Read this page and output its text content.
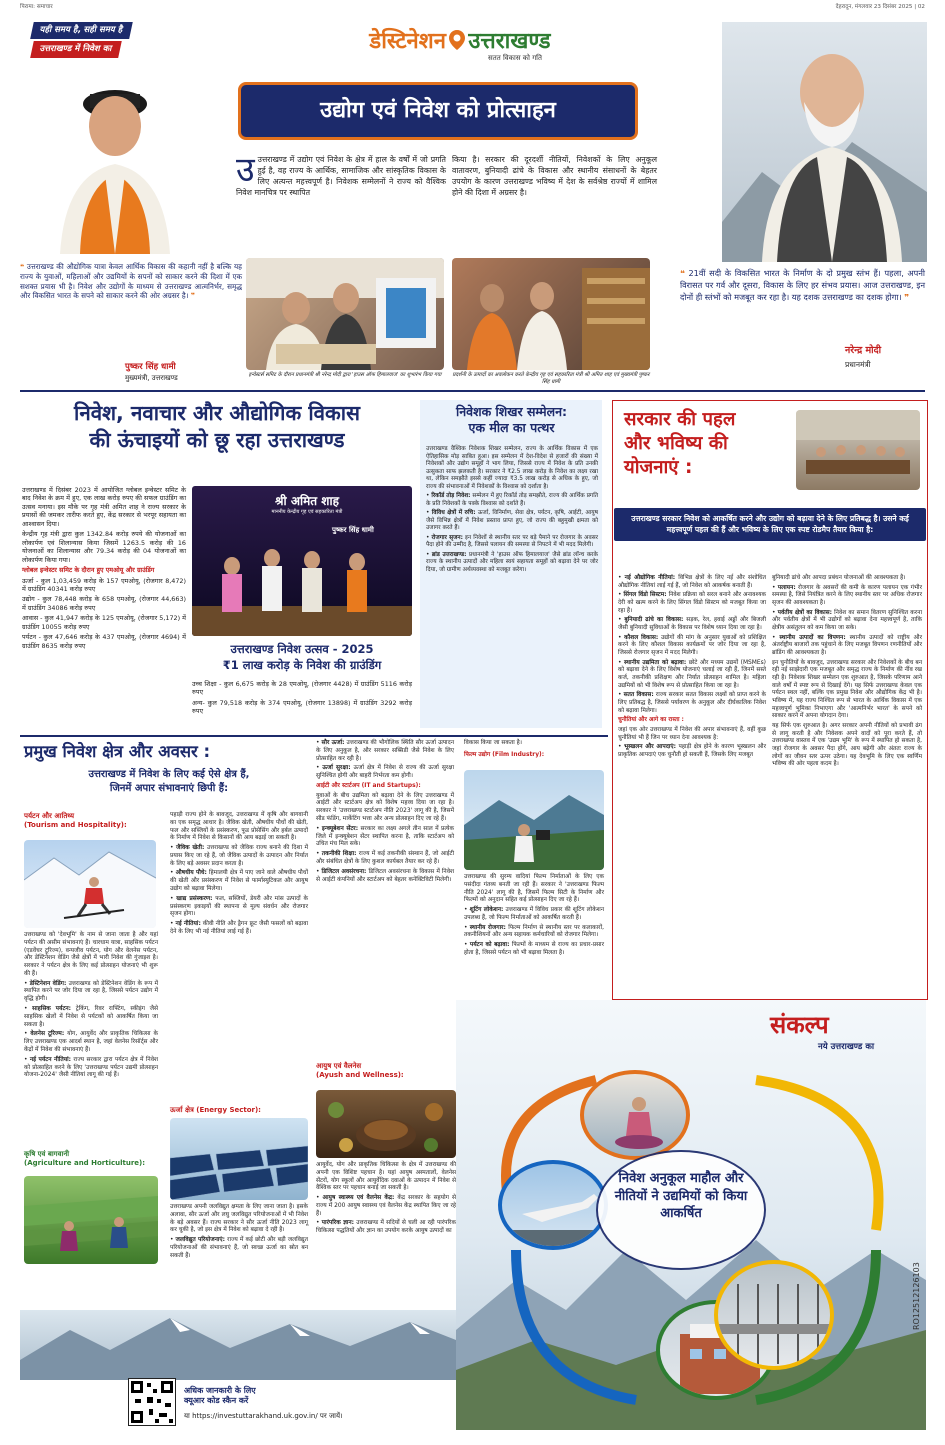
पिरामा: समाचार	देहरादून, मंगलवार 23 दिसंबर 2025 | 02
यही समय है, सही समय है
उत्तराखण्ड में निवेश का	डेस्टिनेशन उत्तराखण्ड
सतत विकास को गति
उद्योग एवं निवेश को प्रोत्साहन
उउत्तराखण्ड में उद्योग एवं निवेश के क्षेत्र में हाल के वर्षों में जो प्रगति हुई है, वह राज्य के आर्थिक, सामाजिक और सांस्कृतिक विकास के लिए अत्यन्त महत्त्वपूर्ण है। निवेशक सम्मेलनों ने राज्य को वैश्विक निवेश मानचित्र पर स्थापित
किया है। सरकार की दूरदर्शी नीतियों, निवेशकों के लिए अनुकूल वातावरण, बुनियादी ढांचे के विकास और स्थानीय संसाधनों के बेहतर उपयोग के कारण उत्तराखण्ड भविष्य में देश के सर्वश्रेष्ठ राज्यों में शामिल होने की दिशा में अग्रसर है।
❝ उत्तराखण्ड की औद्योगिक यात्रा केवल आर्थिक विकास की कहानी नहीं है बल्कि यह राज्य के युवाओं, महिलाओं और उद्यमियों के सपनों को साकार करने की दिशा में एक सशक्त प्रयास भी है। निवेश और उद्योगों के माध्यम से उत्तराखण्ड आत्मनिर्भर, समृद्ध और विकसित भारत के सपने को साकार करने की ओर अग्रसर है। ❞
पुष्कर सिंह धामी
मुख्यमंत्री, उत्तराखण्ड	इन्वेस्टर्स समिट के दौरान प्रधानमंत्री श्री नरेन्द्र मोदी द्वारा 'हाउस ऑफ हिमालयाज' का शुभारंभ किया गया	प्रदर्शनी के उत्पादों का अवलोकन करते केन्द्रीय गृह एवं सहकारिता मंत्री श्री अमित शाह एवं मुख्यमंत्री पुष्कर सिंह धामी
❝ 21वीं सदी के विकसित भारत के निर्माण के दो प्रमुख स्तंभ हैं। पहला, अपनी विरासत पर गर्व और दूसरा, विकास के लिए हर संभव प्रयास। आज उत्तराखण्ड, इन दोनों ही स्तंभों को मजबूत कर रहा है। यह दशक उत्तराखण्ड का दशक होगा। ❞
नरेन्द्र मोदी
प्रधानमंत्री
निवेश, नवाचार और औद्योगिक विकास
की ऊंचाइयों को छू रहा उत्तराखण्ड

उत्तराखण्ड में दिसंबर 2023 में आयोजित ग्लोबल इन्वेस्टर समिट के बाद निवेश के क्रम में हुए, एक लाख करोड़ रुपए की सफल ग्राउंडिंग का उत्सव मनाया। इस मौके पर गृह मंत्री अमित शाह ने राज्य सरकार के प्रयासों की जमकर तारीफ करते हुए, केंद्र सरकार से भरपूर सहायता का आश्वासन दिया।

केन्द्रीय गृह मंत्री द्वारा कुल 1342.84 करोड़ रुपये की योजनाओं का लोकार्पण एवं शिलान्यास किया जिसमें 1263.5 करोड़ की 16 योजनाओं का शिलान्यास और 79.34 करोड़ की 04 योजनाओं का लोकार्पण किया गया।

ग्लोबल इन्वेस्टर समिट के दौरान हुए एमओयू और ग्राउंडिंग

ऊर्जा - कुल 1,03,459 करोड़ के 157 एमओयू, (रोजगार 8,472) में ग्राउंडिंग 40341 करोड़ रुपए

उद्योग - कुल 78,448 करोड़ के 658 एमओयू, (रोजगार 44,663) में ग्राउंडिंग 34086 करोड़ रुपए

आवास - कुल 41,947 करोड़ के 125 एमओयू, (रोजगार 5,172) में ग्राउंडिंग 10055 करोड़ रुपए

पर्यटन - कुल 47,646 करोड़ के 437 एमओयू, (रोजगार 4694) में ग्राउंडिंग 8635 करोड़ रुपए

श्री अमित शाह
माननीय केन्द्रीय गृह एवं सहकारिता मंत्री
पुष्कर सिंह धामी
उत्तराखण्ड निवेश उत्सव - 2025
₹1 लाख करोड़ के निवेश की ग्राउंडिंग

उच्च शिक्षा - कुल 6,675 करोड़ के 28 एमओयू, (रोजगार 4428) में ग्राउंडिंग 5116 करोड़ रुपए

अन्य- कुल 79,518 करोड़ के 374 एमओयू, (रोजगार 13898) में ग्राउंडिंग 3292 करोड़ रुपए

निवेशक शिखर सम्मेलन:
एक मील का पत्थर

उत्तराखण्ड वैश्विक निवेशक शिखर सम्मेलन, राज्य के आर्थिक विकास में एक ऐतिहासिक मोड़ साबित हुआ। इस सम्मेलन में देश-विदेश से हजारों की संख्या में निवेशकों और उद्योग समूहों ने भाग लिया, जिससे राज्य में निवेश के प्रति उनकी उत्सुकता साफ झलकती है। सरकार ने ₹2.5 लाख करोड़ के निवेश का लक्ष्य रखा था, लेकिन समझौते इससे कहीं ज्यादा ₹3.5 लाख करोड़ से अधिक के हुए, जो राज्य की संभावनाओं में निवेशकों के विश्वास को दर्शाता है।

• रिकॉर्ड तोड़ निवेश: सम्मेलन में हुए रिकॉर्ड तोड़ समझौते, राज्य की आर्थिक प्रगति के प्रति निवेशकों के पक्के विश्वास को दर्शाते हैं।

• विविध क्षेत्रों में रुचि: ऊर्जा, विनिर्माण, सेवा क्षेत्र, पर्यटन, कृषि, आईटी, आयुष जैसे विभिन्न क्षेत्रों में निवेश प्रस्ताव प्राप्त हुए, जो राज्य की बहुमुखी क्षमता को उजागर करते हैं।

• रोजगार सृजन: इन निवेशों से स्थानीय स्तर पर बड़े पैमाने पर रोजगार के अवसर पैदा होने की उम्मीद है, जिससे पलायन की समस्या से निपटने में भी मदद मिलेगी।

• ब्रांड उत्तराखण्ड: प्रधानमंत्री ने 'हाउस ऑफ हिमालयाज' जैसे ब्रांड लॉन्च करके राज्य के स्थानीय उत्पादों और महिला स्वयं सहायता समूहों को बढ़ावा देने पर जोर दिया, जो ग्रामीण अर्थव्यवस्था को मजबूत करेगा।

सरकार की पहल
और भविष्य की
योजनाएं :
उत्तराखण्ड सरकार निवेश को आकर्षित करने और उद्योग को बढ़ावा देने के लिए प्रतिबद्ध है। उसने कई महत्त्वपूर्ण पहल की हैं और भविष्य के लिए एक स्पष्ट रोडमैप तैयार किया है:

• नई औद्योगिक नीतियां: विभिन्न क्षेत्रों के लिए नई और संशोधित औद्योगिक नीतियां लाई गई हैं, जो निवेश को आकर्षक बनाती हैं।

• सिंगल विंडो सिस्टम: निवेश प्रक्रिया को सरल बनाने और अनावश्यक देरी को खत्म करने के लिए सिंगल विंडो सिस्टम को मजबूत किया जा रहा है।

• बुनियादी ढांचे का विकास: सड़क, रेल, हवाई अड्डों और बिजली जैसी बुनियादी सुविधाओं के विकास पर विशेष ध्यान दिया जा रहा है।

• कौशल विकास: उद्योगों की मांग के अनुसार युवाओं को प्रशिक्षित करने के लिए कौशल विकास कार्यक्रमों पर जोर दिया जा रहा है, जिससे रोजगार सृजन में मदद मिलेगी।

• स्थानीय उद्यमिता को बढ़ावा: छोटे और मध्यम उद्यमों (MSMEs) को बढ़ावा देने के लिए विशेष योजनाएं चलाई जा रही हैं, जिनमें सस्ते कर्ज, तकनीकी प्रशिक्षण और निर्यात प्रोत्साहन शामिल है। महिला उद्यमियों को भी विशेष रूप से प्रोत्साहित किया जा रहा है।

• सतत विकास: राज्य सरकार सतत विकास लक्ष्यों को प्राप्त करने के लिए प्रतिबद्ध है, जिससे पर्यावरण के अनुकूल और दीर्घकालिक निवेश को बढ़ावा मिलेगा।

चुनौतियां और आगे का रास्ता :

जहां एक ओर उत्तराखण्ड में निवेश की अपार संभावनाएं हैं, वहीं कुछ चुनौतियां भी हैं जिन पर ध्यान देना आवश्यक है:

• भूस्खलन और आपदाएं: पहाड़ी क्षेत्र होने के कारण भूस्खलन और प्राकृतिक आपदाएं एक चुनौती हो सकती हैं, जिसके लिए मजबूत

बुनियादी ढांचे और आपदा प्रबंधन योजनाओं की आवश्यकता है।

• पलायन: रोजगार के अवसरों की कमी के कारण पलायन एक गंभीर समस्या है, जिसे नियंत्रित करने के लिए स्थानीय स्तर पर अधिक रोजगार सृजन की आवश्यकता है।

• पर्वतीय क्षेत्रों का विकास: निवेश का समान वितरण सुनिश्चित करना और पर्वतीय क्षेत्रों में भी उद्योगों को बढ़ावा देना महत्त्वपूर्ण है, ताकि क्षेत्रीय असंतुलन को कम किया जा सके।

• स्थानीय उत्पादों का विपणन: स्थानीय उत्पादों को राष्ट्रीय और अंतर्राष्ट्रीय बाजारों तक पहुंचाने के लिए मजबूत विपणन रणनीतियों और ब्रांडिंग की आवश्यकता है।

इन चुनौतियों के बावजूद, उत्तराखण्ड सरकार और निवेशकों के बीच बन रही नई साझेदारी एक मजबूत और समृद्ध राज्य के निर्माण की नींव रख रही है। निवेशक शिखर सम्मेलन एक शुरुआत है, जिसके परिणाम आने वाले वर्षों में स्पष्ट रूप से दिखाई देंगे। यह सिर्फ उत्तराखण्ड केवल एक पर्यटन स्थल नहीं, बल्कि एक प्रमुख निवेश और औद्योगिक केंद्र भी है। भविष्य में, यह राज्य निश्चित रूप से भारत के आर्थिक विकास में एक महत्त्वपूर्ण भूमिका निभाएगा और 'आत्मनिर्भर भारत' के सपने को साकार करने में अपना योगदान देगा।

यह सिर्फ एक शुरुआत है। अगर सरकार अपनी नीतियों को प्रभावी ढंग से लागू करती है और निवेशक अपने वादों को पूरा करते हैं, तो उत्तराखण्ड वास्तव में एक 'उद्यम भूमि' के रूप में स्थापित हो सकता है, जहां रोजगार के अवसर पैदा होंगे, आय बढ़ेगी और अंततः राज्य के लोगों का जीवन स्तर ऊपर उठेगा। यह देवभूमि के लिए एक स्वर्णिम भविष्य की ओर पहला कदम है।

प्रमुख निवेश क्षेत्र और अवसर :
उत्तराखण्ड में निवेश के लिए कई ऐसे क्षेत्र हैं,
जिनमें अपार संभावनाएं छिपी हैं:
पर्यटन और आतिथ्य
(Tourism and Hospitality):

उत्तराखण्ड को 'देवभूमि' के नाम से जाना जाता है और यहां पर्यटन की असीम संभावनाएं हैं। चारधाम यात्रा, साहसिक पर्यटन (एडवेंचर टूरिज्म), वन्यजीव पर्यटन, योग और वेलनेस पर्यटन, और डेस्टिनेशन वेडिंग जैसे क्षेत्रों में भारी निवेश की गुंजाइश है। सरकार ने पर्यटन क्षेत्र के लिए कई प्रोत्साहन योजनाएं भी शुरू की हैं।

• डेस्टिनेशन वेडिंग: उत्तराखण्ड को डेस्टिनेशन वेडिंग के रूप में स्थापित करने पर जोर दिया जा रहा है, जिससे पर्यटन उद्योग में वृद्धि होगी।

• साहसिक पर्यटन: ट्रेकिंग, रिवर राफ्टिंग, स्कीइंग जैसे साहसिक खेलों में निवेश से पर्यटकों को आकर्षित किया जा सकता है।

• वेलनेस टूरिज्म: योग, आयुर्वेद और प्राकृतिक चिकित्सा के लिए उत्तराखण्ड एक आदर्श स्थान है, जहां वेलनेस रिसॉर्ट्स और केंद्रों में निवेश की संभावनाएं हैं।

• नई पर्यटन नीतियां: राज्य सरकार द्वारा पर्यटन क्षेत्र में निवेश को प्रोत्साहित करने के लिए 'उत्तराखण्ड पर्यटन उद्यमी प्रोत्साहन योजना-2024' जैसी नीतियां लागू की गई हैं।

कृषि एवं बागवानी
(Agriculture and Horticulture):

पहाड़ी राज्य होने के बावजूद, उत्तराखण्ड में कृषि और बागवानी का एक समृद्ध आधार है। जैविक खेती, औषधीय पौधों की खेती, फल और सब्जियों के प्रसंस्करण, फूड प्रोसेसिंग और हर्बल उत्पादों के निर्माण में निवेश से किसानों की आय बढ़ाई जा सकती है।

• जैविक खेती: उत्तराखण्ड को जैविक राज्य बनाने की दिशा में प्रयास किए जा रहे हैं, जो जैविक उत्पादों के उत्पादन और निर्यात के लिए बड़े अवसर प्रदान करता है।

• औषधीय पौधे: हिमालयी क्षेत्र में पाए जाने वाले औषधीय पौधों की खेती और प्रसंस्करण में निवेश से फार्मास्युटिकल और आयुष उद्योग को बढ़ावा मिलेगा।

• खाद्य प्रसंस्करण: फल, सब्जियों, डेयरी और मांस उत्पादों के प्रसंस्करण इकाइयों की स्थापना से मूल्य संवर्धन और रोजगार सृजन होगा।

• नई नीतियां: कीवी नीति और ड्रैगन फ्रूट जैसी फसलों को बढ़ावा देने के लिए भी नई नीतियां लाई गई हैं।

ऊर्जा क्षेत्र (Energy Sector):

उत्तराखण्ड अपनी जलविद्युत क्षमता के लिए जाना जाता है। इसके अलावा, सौर ऊर्जा और लघु जलविद्युत परियोजनाओं में भी निवेश के बड़े अवसर हैं। राज्य सरकार ने सौर ऊर्जा नीति 2023 लागू कर चुकी है, जो इस क्षेत्र में निवेश को बढ़ावा दे रही है।

• जलविद्युत परियोजनाएं: राज्य में कई छोटी और बड़ी जलविद्युत परियोजनाओं की संभावनाएं हैं, जो स्वच्छ ऊर्जा का स्रोत बन सकती हैं।

• सौर ऊर्जा: उत्तराखण्ड की भौगोलिक स्थिति सौर ऊर्जा उत्पादन के लिए अनुकूल है, और सरकार सब्सिडी जैसे निवेश के लिए प्रोत्साहित कर रही है।

• ऊर्जा सुरक्षा: ऊर्जा क्षेत्र में निवेश से राज्य की ऊर्जा सुरक्षा सुनिश्चित होगी और बाहरी निर्भरता कम होगी।

आईटी और स्टार्टअप (IT and Startups):

युवाओं के बीच उद्यमिता को बढ़ावा देने के लिए उत्तराखण्ड में आईटी और स्टार्टअप क्षेत्र को विशेष महत्त्व दिया जा रहा है। सरकार ने 'उत्तराखण्ड स्टार्टअप नीति 2023' लागू की है, जिसमें सीड फंडिंग, मार्केटिंग भत्ता और अन्य प्रोत्साहन दिए जा रहे हैं।

• इन्क्यूबेशन सेंटर: सरकार का लक्ष्य अगले तीन साल में प्रत्येक जिले में इन्क्यूबेशन सेंटर स्थापित करना है, ताकि स्टार्टअप को उचित मंच मिल सके।

• तकनीकी शिक्षा: राज्य में कई तकनीकी संस्थान हैं, जो आईटी और संबंधित क्षेत्रों के लिए कुशल कार्यबल तैयार कर रहे हैं।

• डिजिटल अवसंरचना: डिजिटल अवसंरचना के विकास में निवेश से आईटी कंपनियों और स्टार्टअप को बेहतर कनेक्टिविटी मिलेगी।

आयुष एवं वैलनेस
(Ayush and Wellness):

आयुर्वेद, योग और प्राकृतिक चिकित्सा के क्षेत्र में उत्तराखण्ड की अपनी एक विशिष्ट पहचान है। यहां आयुष अस्पतालों, वेलनेस सेंटरों, योग स्कूलों और आयुर्वेदिक दवाओं के उत्पादन में निवेश से वैश्विक स्तर पर पहचान बनाई जा सकती है।

• आयुष स्वास्थ्य एवं वैलनेस केंद्र: केंद्र सरकार के सहयोग से राज्य में 200 आयुष स्वास्थ्य एवं वैलनेस केंद्र स्थापित किए जा रहे हैं।

• पारंपरिक ज्ञान: उत्तराखण्ड में सदियों से चली आ रही पारंपरिक चिकित्सा पद्धतियों और ज्ञान का उपयोग करके आयुष उत्पादों का

विकास किया जा सकता है।

फिल्म उद्योग (Film Industry):

उत्तराखण्ड की सुरम्य वादियां फिल्म निर्माताओं के लिए एक पसंदीदा गंतव्य बनती जा रही हैं। सरकार ने 'उत्तराखण्ड फिल्म नीति 2024' लागू की है, जिसमें फिल्म सिटी के निर्माण और फिल्मों को अनुदान सहित कई प्रोत्साहन दिए जा रहे हैं।

• शूटिंग लोकेशन: उत्तराखण्ड में विविध प्रकार की शूटिंग लोकेशन उपलब्ध हैं, जो फिल्म निर्माताओं को आकर्षित करती हैं।

• स्थानीय रोजगार: फिल्म निर्माण से स्थानीय स्तर पर कलाकारों, तकनीशियनों और अन्य सहायक कर्मचारियों को रोजगार मिलेगा।

• पर्यटन को बढ़ावा: फिल्मों के माध्यम से राज्य का प्रचार-प्रसार होता है, जिससे पर्यटन को भी बढ़ावा मिलता है।

निवेश अनुकूल माहौल और नीतियों ने उद्यमियों को किया आकर्षित
संकल्प
नये उत्तराखण्ड का
अधिक जानकारी के लिए
क्यूआर कोड स्कैन करें
या https://investuttarakhand.uk.gov.in/ पर जायें।
RO12512126103
